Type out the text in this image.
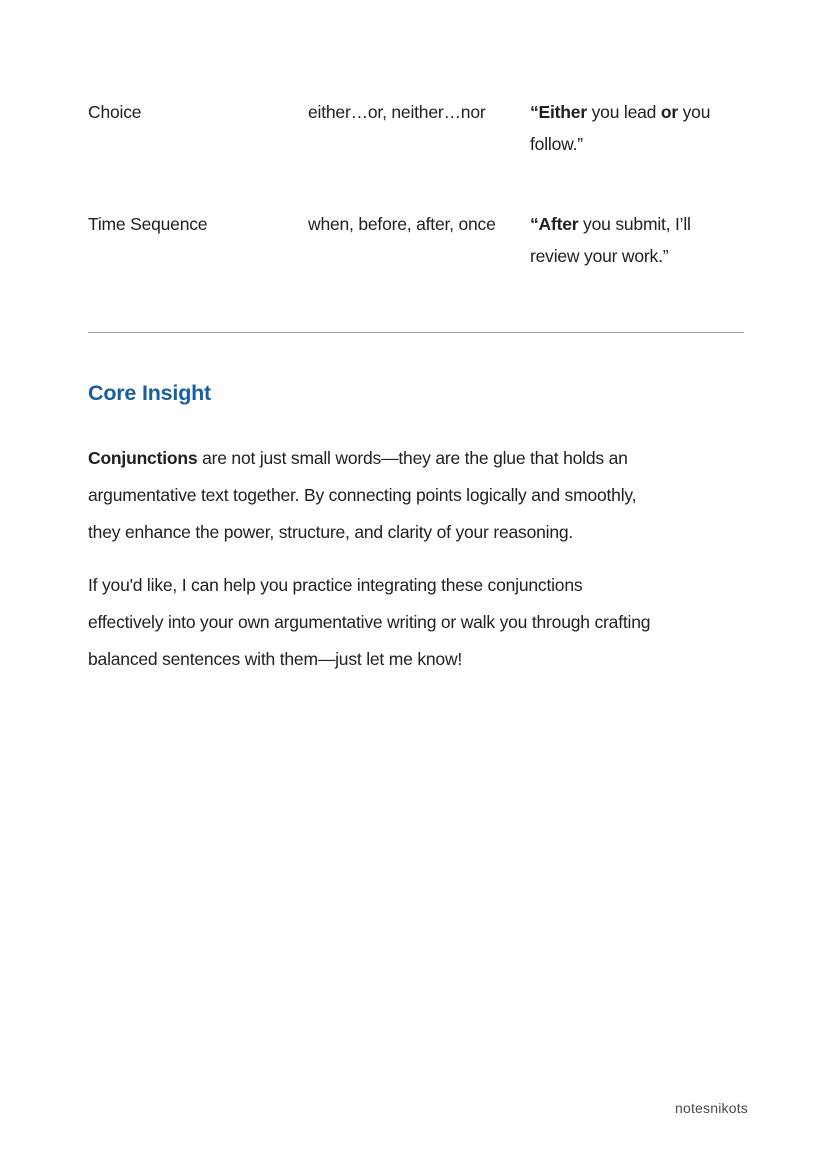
Choice	either…or, neither…nor	“Either you lead or you
follow.”
Time Sequence	when, before, after, once	“After you submit, I’ll
review your work.”
Core Insight

Conjunctions are not just small words—they are the glue that holds an
argumentative text together. By connecting points logically and smoothly,
they enhance the power, structure, and clarity of your reasoning.

If you'd like, I can help you practice integrating these conjunctions
effectively into your own argumentative writing or walk you through crafting
balanced sentences with them—just let me know!

notesnikots
